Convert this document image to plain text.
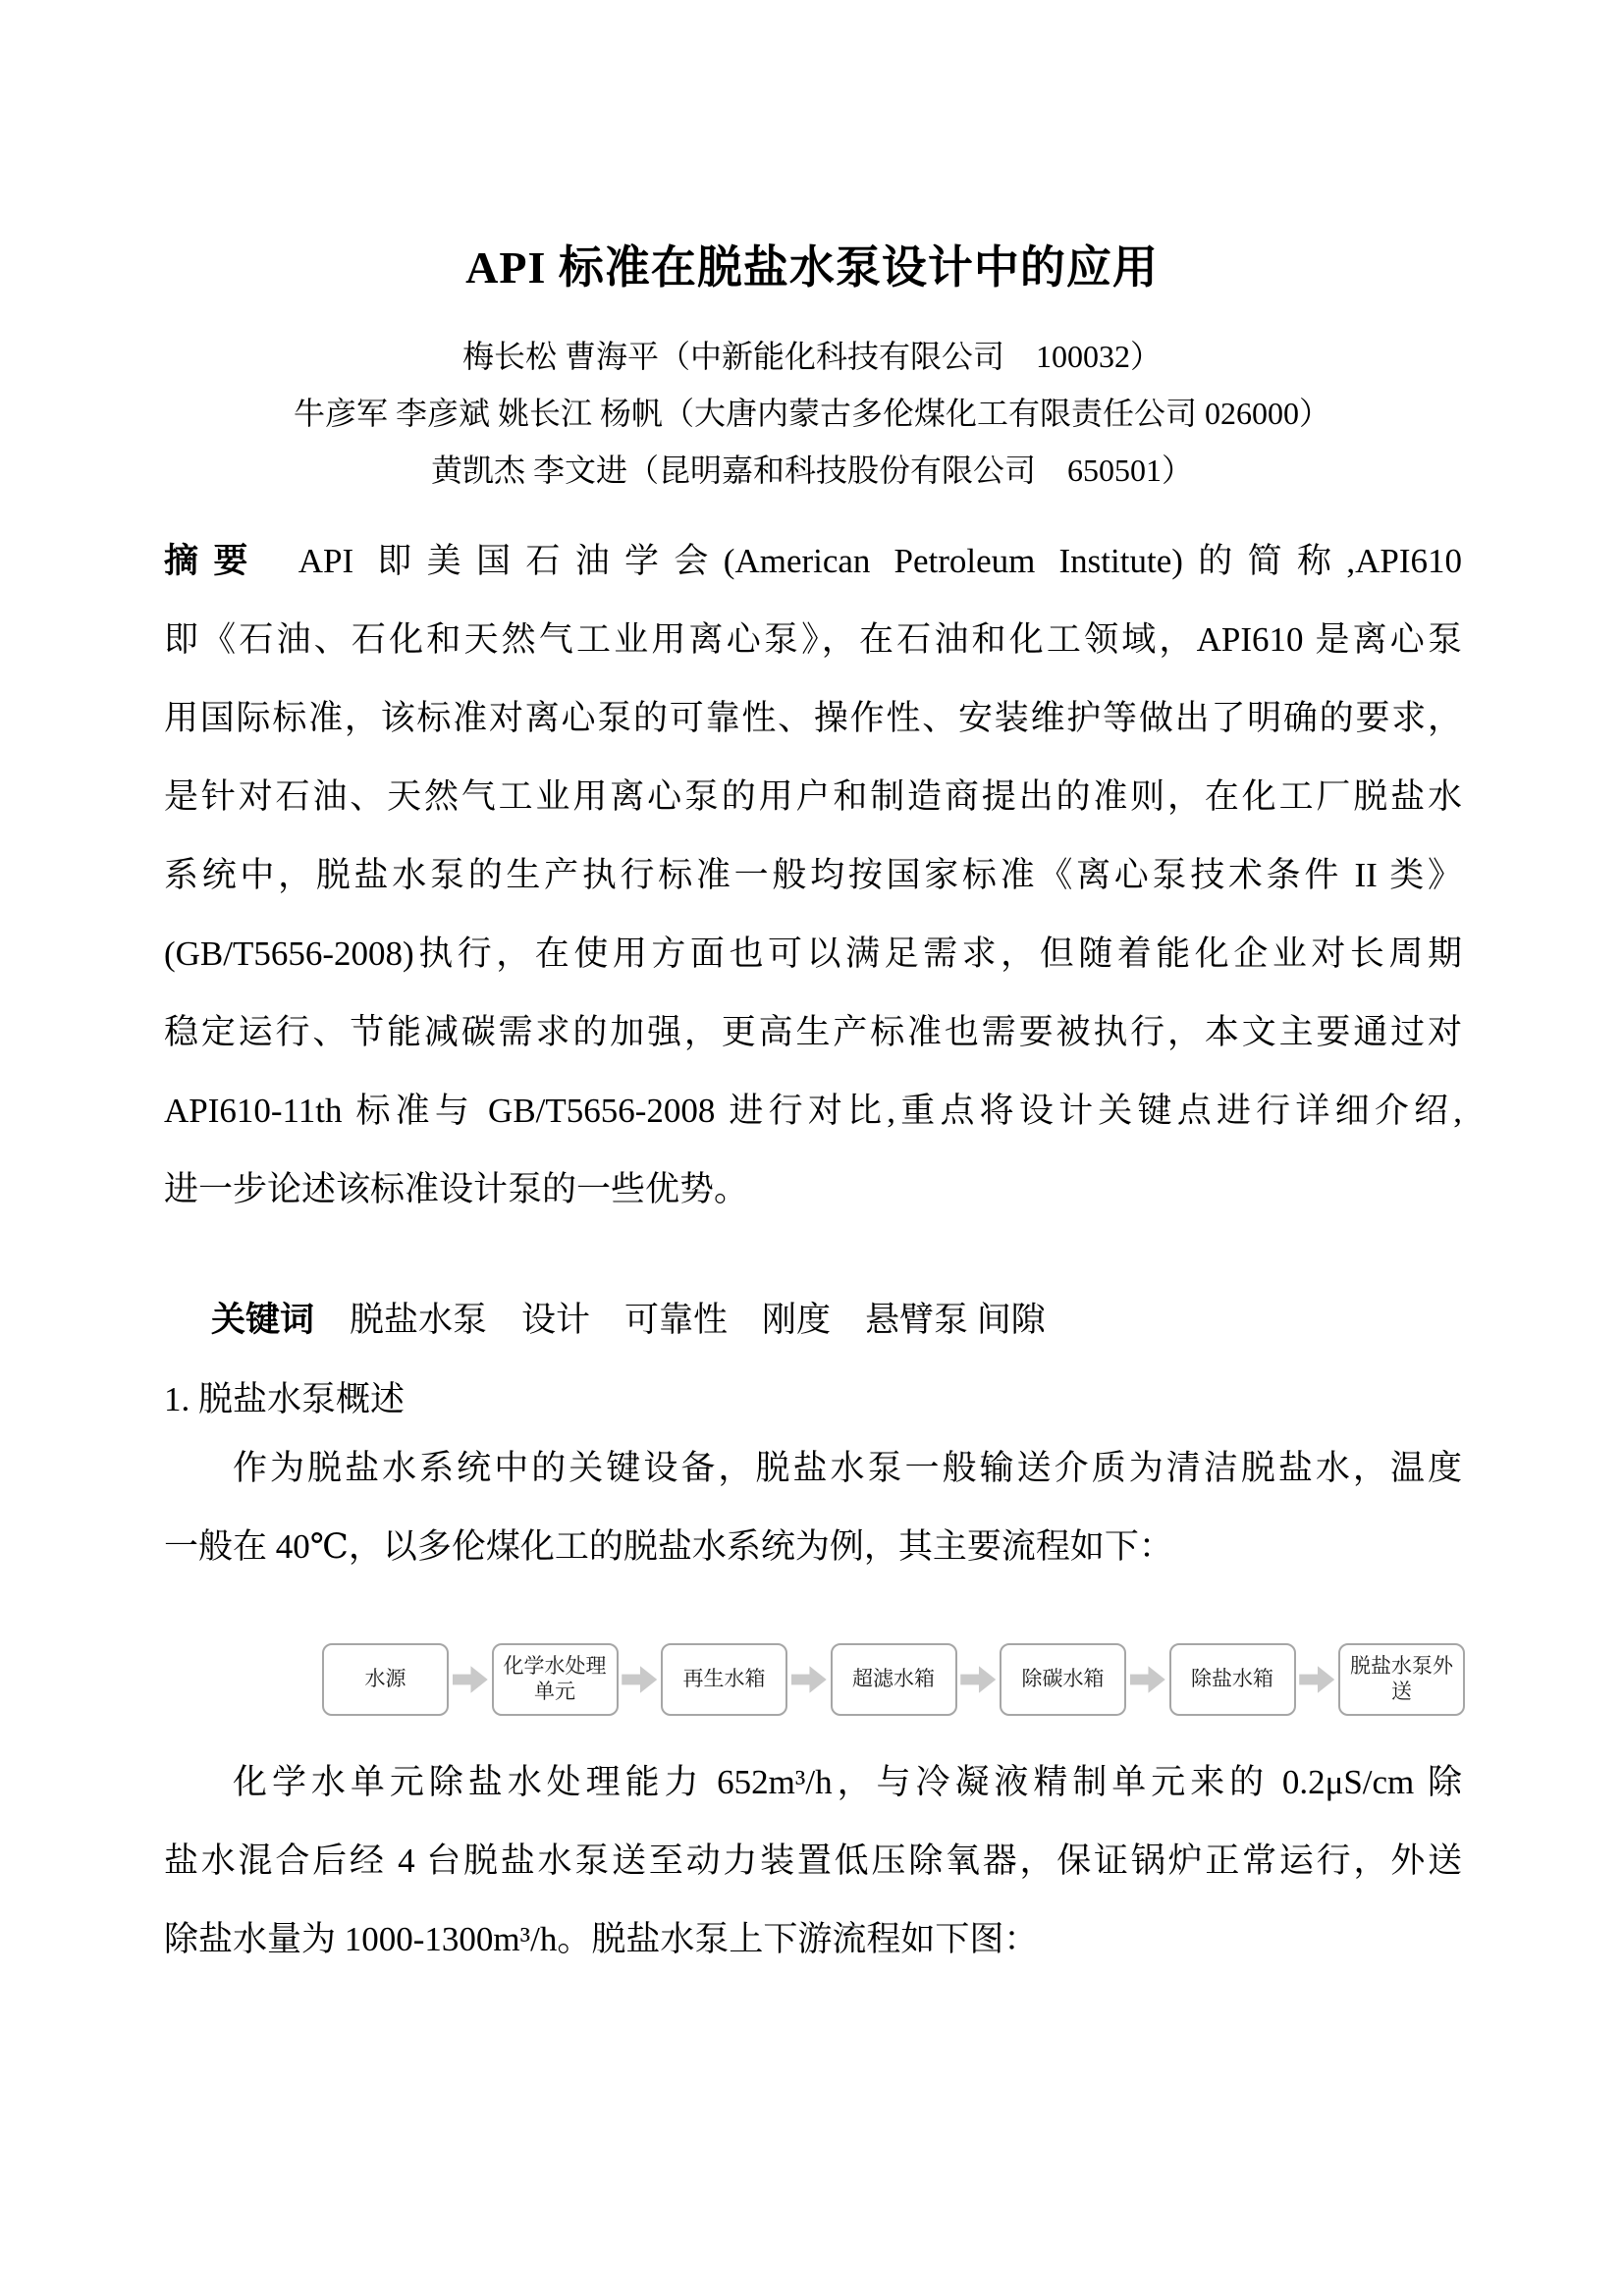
API 标准在脱盐水泵设计中的应用
梅长松 曹海平（中新能化科技有限公司　100032）
牛彦军 李彦斌 姚长江 杨帆（大唐内蒙古多伦煤化工有限责任公司 026000）
黄凯杰 李文进（昆明嘉和科技股份有限公司　650501）
摘要 API 即美国石油学会(American Petroleum Institute)的简称,API610
即《石油、石化和天然气工业用离心泵》，在石油和化工领域，API610 是离心泵
用国际标准，该标准对离心泵的可靠性、操作性、安装维护等做出了明确的要求，
是针对石油、天然气工业用离心泵的用户和制造商提出的准则，在化工厂脱盐水
系统中，脱盐水泵的生产执行标准一般均按国家标准《离心泵技术条件 II 类》
(GB/T5656-2008)执行，在使用方面也可以满足需求，但随着能化企业对长周期
稳定运行、节能减碳需求的加强，更高生产标准也需要被执行，本文主要通过对
API610-11th 标准与 GB/T5656-2008 进行对比,重点将设计关键点进行详细介绍,
进一步论述该标准设计泵的一些优势。
关键词 脱盐水泵　设计　可靠性　刚度　悬臂泵 间隙
1. 脱盐水泵概述
作为脱盐水系统中的关键设备，脱盐水泵一般输送介质为清洁脱盐水，温度
一般在 40℃，以多伦煤化工的脱盐水系统为例，其主要流程如下：
水源
化学水处理单元
再生水箱	超滤水箱	除碳水箱	除盐水箱
脱盐水泵外送
化学水单元除盐水处理能力 652m³/h，与冷凝液精制单元来的 0.2μS/cm 除
盐水混合后经 4 台脱盐水泵送至动力装置低压除氧器，保证锅炉正常运行，外送
除盐水量为 1000-1300m³/h。脱盐水泵上下游流程如下图：
